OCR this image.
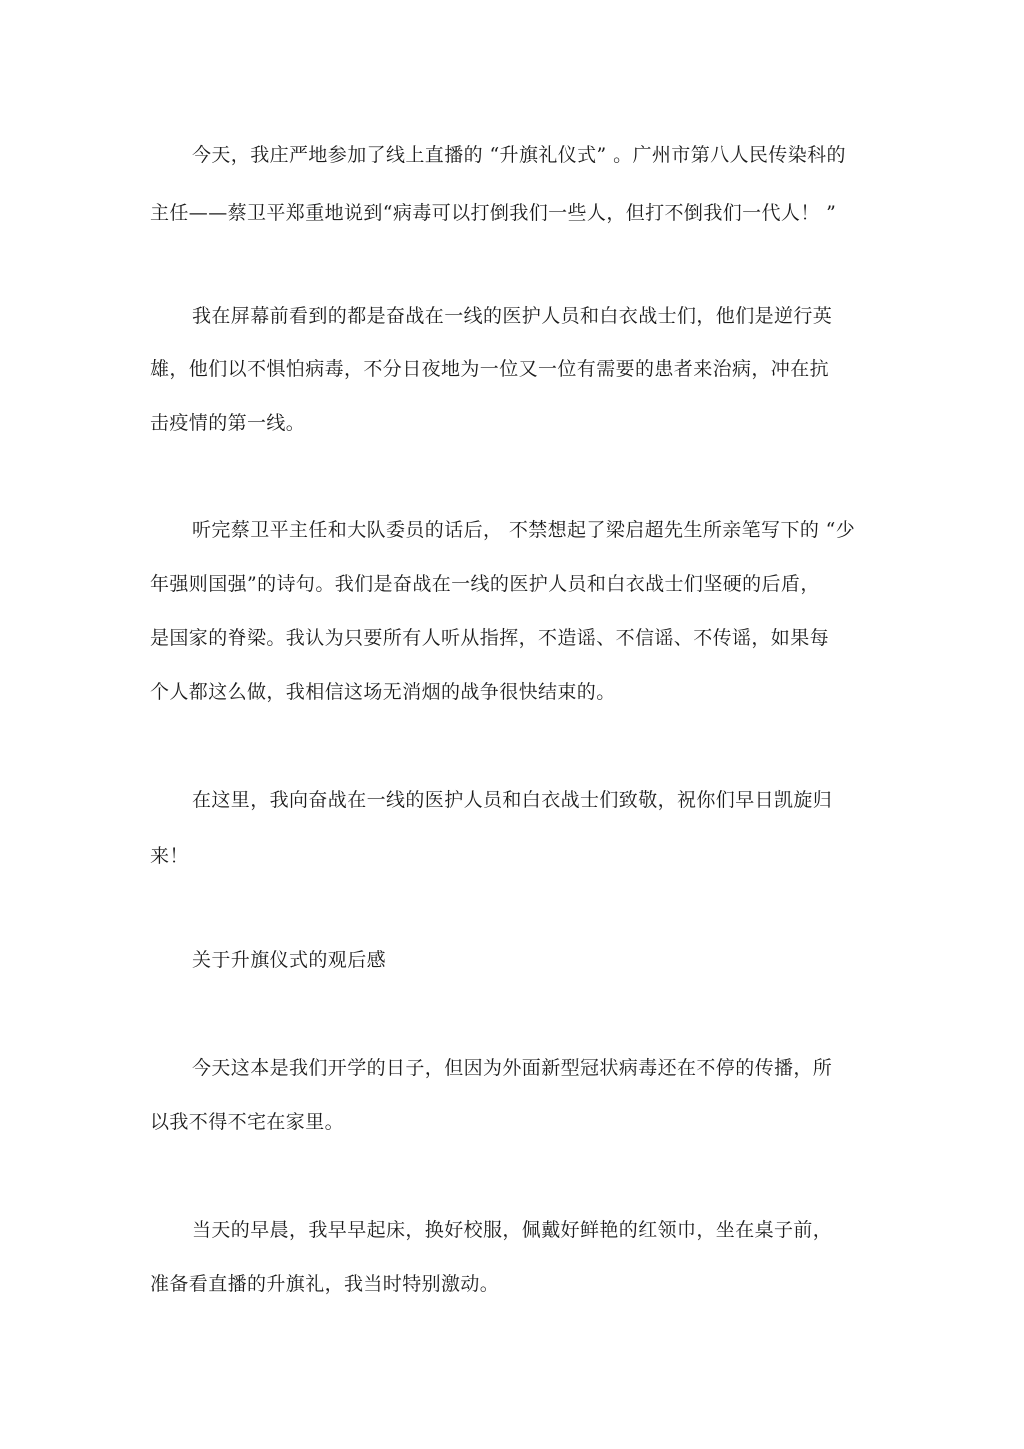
今天，我庄严地参加了线上直播的 “升旗礼仪式” 。广州市第八人民传染科的
主任——蔡卫平郑重地说到“病毒可以打倒我们一些人，但打不倒我们一代人！ ”
我在屏幕前看到的都是奋战在一线的医护人员和白衣战士们，他们是逆行英
雄，他们以不惧怕病毒，不分日夜地为一位又一位有需要的患者来治病，冲在抗
击疫情的第一线。
听完蔡卫平主任和大队委员的话后， 不禁想起了梁启超先生所亲笔写下的 “少
年强则国强”的诗句。我们是奋战在一线的医护人员和白衣战士们坚硬的后盾，
是国家的脊梁。我认为只要所有人听从指挥，不造谣、不信谣、不传谣，如果每
个人都这么做，我相信这场无消烟的战争很快结束的。
在这里，我向奋战在一线的医护人员和白衣战士们致敬，祝你们早日凯旋归
来！
关于升旗仪式的观后感
今天这本是我们开学的日子，但因为外面新型冠状病毒还在不停的传播，所
以我不得不宅在家里。
当天的早晨，我早早起床，换好校服，佩戴好鲜艳的红领巾，坐在桌子前，
准备看直播的升旗礼，我当时特别激动。
